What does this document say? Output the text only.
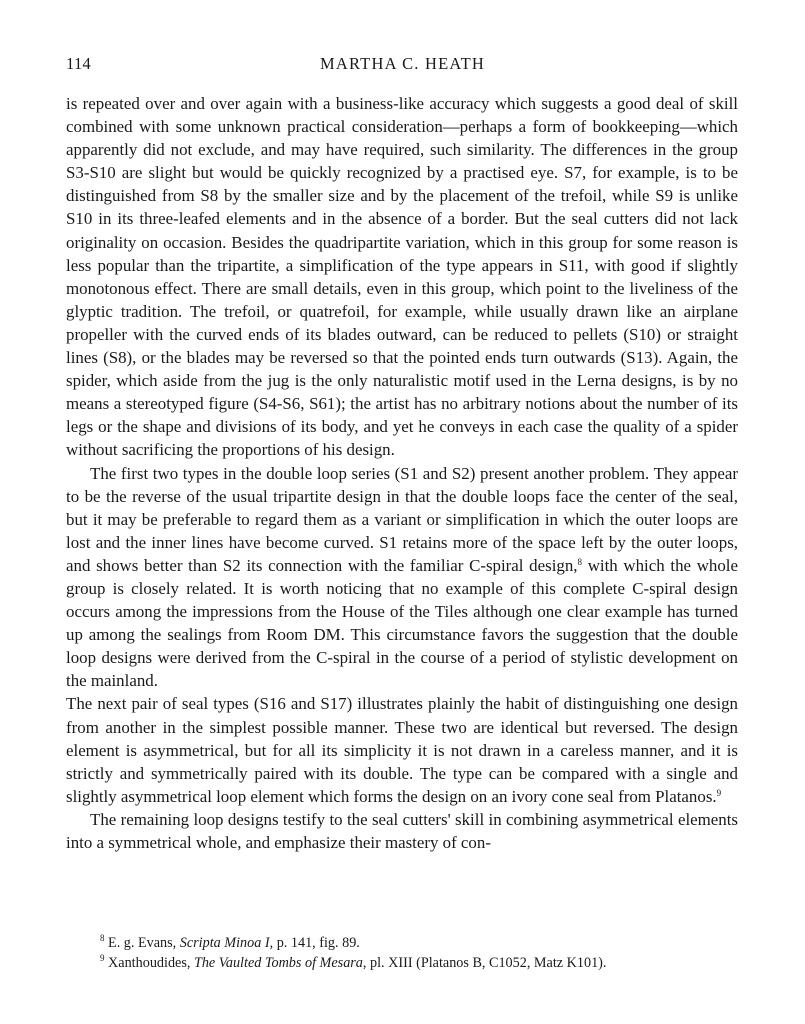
114	MARTHA C. HEATH

is repeated over and over again with a business-like accuracy which suggests a good deal of skill combined with some unknown practical consideration—perhaps a form of bookkeeping—which apparently did not exclude, and may have required, such similarity. The differences in the group S3-S10 are slight but would be quickly recognized by a practised eye. S7, for example, is to be distinguished from S8 by the smaller size and by the placement of the trefoil, while S9 is unlike S10 in its three-leafed elements and in the absence of a border. But the seal cutters did not lack originality on occasion. Besides the quadripartite variation, which in this group for some reason is less popular than the tripartite, a simplification of the type appears in S11, with good if slightly monotonous effect. There are small details, even in this group, which point to the liveliness of the glyptic tradition. The trefoil, or quatrefoil, for example, while usually drawn like an airplane propeller with the curved ends of its blades outward, can be reduced to pellets (S10) or straight lines (S8), or the blades may be reversed so that the pointed ends turn outwards (S13). Again, the spider, which aside from the jug is the only naturalistic motif used in the Lerna designs, is by no means a stereotyped figure (S4-S6, S61); the artist has no arbitrary notions about the number of its legs or the shape and divisions of its body, and yet he conveys in each case the quality of a spider without sacrificing the proportions of his design.

The first two types in the double loop series (S1 and S2) present another problem. They appear to be the reverse of the usual tripartite design in that the double loops face the center of the seal, but it may be preferable to regard them as a variant or simplification in which the outer loops are lost and the inner lines have become curved. S1 retains more of the space left by the outer loops, and shows better than S2 its connection with the familiar C-spiral design,$^8$ with which the whole group is closely related. It is worth noticing that no example of this complete C-spiral design occurs among the impressions from the House of the Tiles although one clear example has turned up among the sealings from Room DM. This circumstance favors the suggestion that the double loop designs were derived from the C-spiral in the course of a period of stylistic development on the mainland.

The next pair of seal types (S16 and S17) illustrates plainly the habit of distinguishing one design from another in the simplest possible manner. These two are identical but reversed. The design element is asymmetrical, but for all its simplicity it is not drawn in a careless manner, and it is strictly and symmetrically paired with its double. The type can be compared with a single and slightly asymmetrical loop element which forms the design on an ivory cone seal from Platanos.$^9$

The remaining loop designs testify to the seal cutters' skill in combining asymmetrical elements into a symmetrical whole, and emphasize their mastery of con-

$^8$ E. g. Evans, Scripta Minoa I, p. 141, fig. 89.

$^9$ Xanthoudides, The Vaulted Tombs of Mesara, pl. XIII (Platanos B, C1052, Matz K101).
